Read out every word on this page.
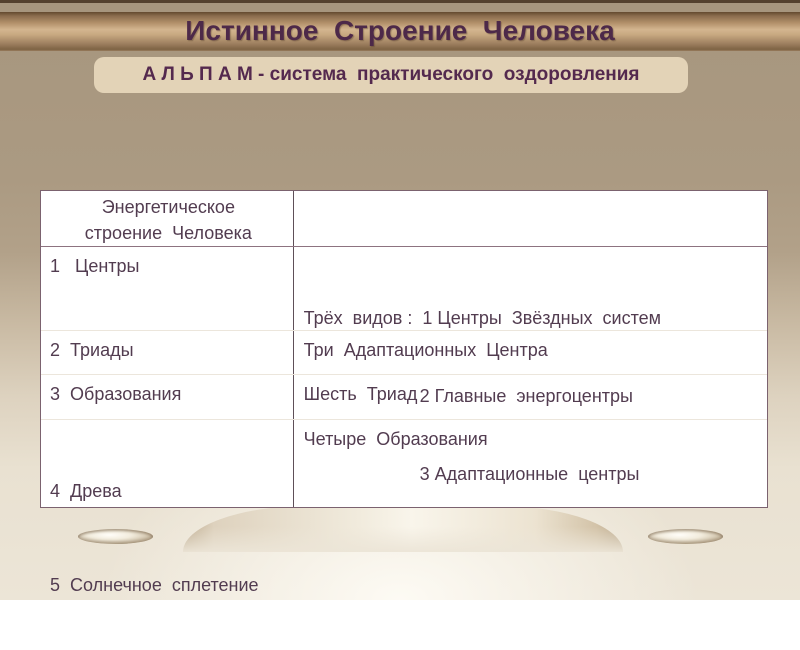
Истинное  Строение  Человека
А Л Ь П А М - система  практического  оздоровления
Энергетическое
строение  Человека
1   Центры

Трёх  видов :  1 Центры  Звёздных  систем

2 Главные  энергоцентры

3 Адаптационные  центры

2  Триады	Три  Адаптационных  Центра
3  Образования	Шесть  Триад

4  Древа

5  Солнечное  сплетение

Четыре  Образования
